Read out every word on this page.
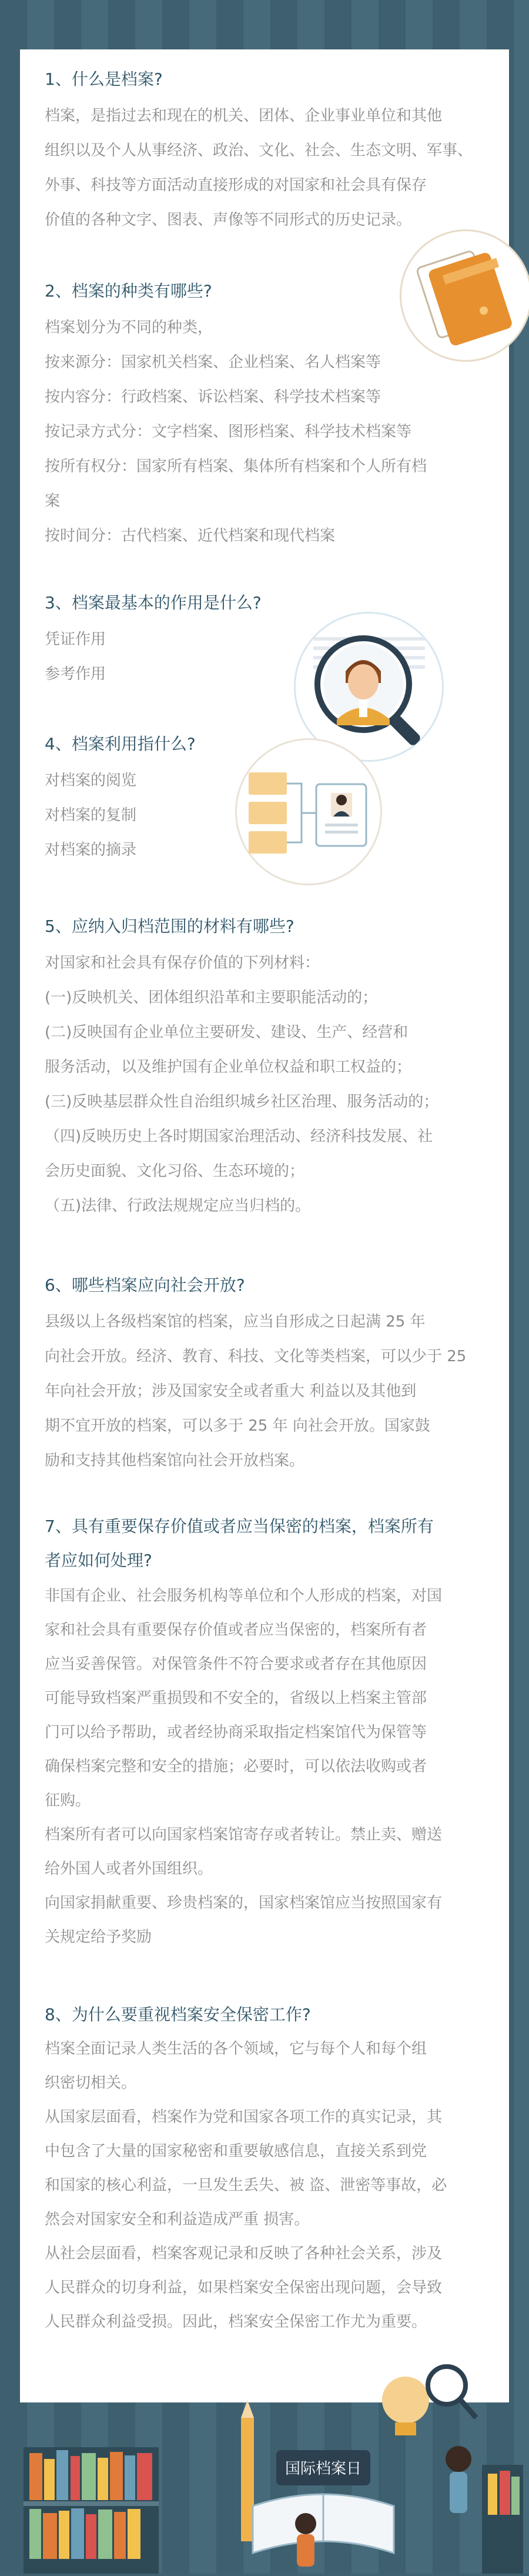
1、什么是档案?

档案，是指过去和现在的机关、团体、企业事业单位和其他

组织以及个人从事经济、政治、文化、社会、生态文明、军事、

外事、科技等方面活动直接形成的对国家和社会具有保存

价值的各种文字、图表、声像等不同形式的历史记录。

2、档案的种类有哪些?

档案划分为不同的种类，

按来源分：国家机关档案、企业档案、名人档案等

按内容分：行政档案、诉讼档案、科学技术档案等

按记录方式分：文字档案、图形档案、科学技术档案等

按所有权分：国家所有档案、集体所有档案和个人所有档

案

按时间分：古代档案、近代档案和现代档案

3、档案最基本的作用是什么?

凭证作用

参考作用

4、档案利用指什么?

对档案的阅览

对档案的复制

对档案的摘录

5、应纳入归档范围的材料有哪些?

对国家和社会具有保存价值的下列材料：

(一)反映机关、团体组织沿革和主要职能活动的；

(二)反映国有企业单位主要研发、建设、生产、经营和

服务活动，以及维护国有企业单位权益和职工权益的；

(三)反映基层群众性自治组织城乡社区治理、服务活动的；

（四)反映历史上各时期国家治理活动、经济科技发展、社

会历史面貌、文化习俗、生态环境的；

（五)法律、行政法规规定应当归档的。

6、哪些档案应向社会开放?

县级以上各级档案馆的档案，应当自形成之日起满 25 年

向社会开放。经济、教育、科技、文化等类档案，可以少于 25

年向社会开放；涉及国家安全或者重大 利益以及其他到

期不宜开放的档案，可以多于 25 年 向社会开放。国家鼓

励和支持其他档案馆向社会开放档案。

7、具有重要保存价值或者应当保密的档案，档案所有
者应如何处理?

非国有企业、社会服务机构等单位和个人形成的档案，对国

家和社会具有重要保存价值或者应当保密的，档案所有者

应当妥善保管。对保管条件不符合要求或者存在其他原因

可能导致档案严重损毁和不安全的，省级以上档案主管部

门可以给予帮助，或者经协商采取指定档案馆代为保管等

确保档案完整和安全的措施；必要时，可以依法收购或者

征购。

档案所有者可以向国家档案馆寄存或者转让。禁止卖、赠送

给外国人或者外国组织。

向国家捐献重要、珍贵档案的，国家档案馆应当按照国家有

关规定给予奖励

8、为什么要重视档案安全保密工作?

档案全面记录人类生活的各个领域，它与每个人和每个组

织密切相关。

从国家层面看，档案作为党和国家各项工作的真实记录，其

中包含了大量的国家秘密和重要敏感信息，直接关系到党

和国家的核心利益，一旦发生丢失、被 盗、泄密等事故，必

然会对国家安全和利益造成严重 损害。

从社会层面看，档案客观记录和反映了各种社会关系，涉及

人民群众的切身利益，如果档案安全保密出现问题，会导致

人民群众利益受损。因此，档案安全保密工作尤为重要。

国际档案日
